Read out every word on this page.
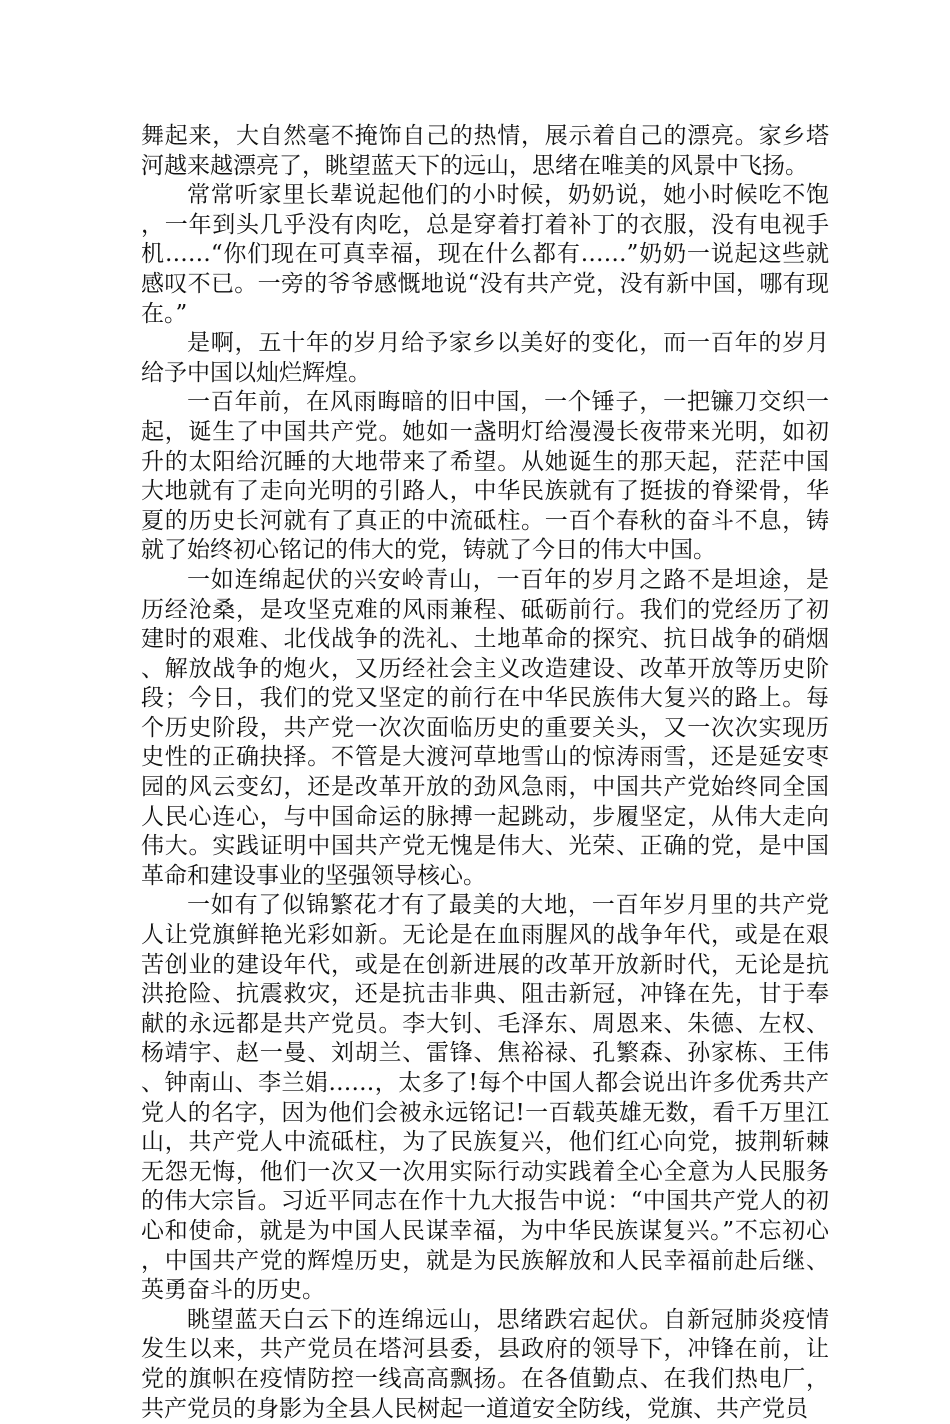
舞起来，大自然毫不掩饰自己的热情，展示着自己的漂亮。家乡塔河越来越漂亮了，眺望蓝天下的远山，思绪在唯美的风景中飞扬。

常常听家里长辈说起他们的小时候，奶奶说，她小时候吃不饱，一年到头几乎没有肉吃，总是穿着打着补丁的衣服，没有电视手机……“你们现在可真幸福，现在什么都有……”奶奶一说起这些就感叹不已。一旁的爷爷感慨地说“没有共产党，没有新中国，哪有现在。”

是啊，五十年的岁月给予家乡以美好的变化，而一百年的岁月给予中国以灿烂辉煌。

一百年前，在风雨晦暗的旧中国，一个锤子，一把镰刀交织一起，诞生了中国共产党。她如一盏明灯给漫漫长夜带来光明，如初升的太阳给沉睡的大地带来了希望。从她诞生的那天起，茫茫中国大地就有了走向光明的引路人，中华民族就有了挺拔的脊梁骨，华夏的历史长河就有了真正的中流砥柱。一百个春秋的奋斗不息，铸就了始终初心铭记的伟大的党，铸就了今日的伟大中国。

一如连绵起伏的兴安岭青山，一百年的岁月之路不是坦途，是历经沧桑，是攻坚克难的风雨兼程、砥砺前行。我们的党经历了初建时的艰难、北伐战争的洗礼、土地革命的探究、抗日战争的硝烟、解放战争的炮火，又历经社会主义改造建设、改革开放等历史阶段；今日，我们的党又坚定的前行在中华民族伟大复兴的路上。每个历史阶段，共产党一次次面临历史的重要关头，又一次次实现历史性的正确抉择。不管是大渡河草地雪山的惊涛雨雪，还是延安枣园的风云变幻，还是改革开放的劲风急雨，中国共产党始终同全国人民心连心，与中国命运的脉搏一起跳动，步履坚定，从伟大走向伟大。实践证明中国共产党无愧是伟大、光荣、正确的党，是中国革命和建设事业的坚强领导核心。

一如有了似锦繁花才有了最美的大地，一百年岁月里的共产党人让党旗鲜艳光彩如新。无论是在血雨腥风的战争年代，或是在艰苦创业的建设年代，或是在创新进展的改革开放新时代，无论是抗洪抢险、抗震救灾，还是抗击非典、阻击新冠，冲锋在先，甘于奉献的永远都是共产党员。李大钊、毛泽东、周恩来、朱德、左权、杨靖宇、赵一曼、刘胡兰、雷锋、焦裕禄、孔繁森、孙家栋、王伟、钟南山、李兰娟……，太多了!每个中国人都会说出许多优秀共产党人的名字，因为他们会被永远铭记!一百载英雄无数，看千万里江山，共产党人中流砥柱，为了民族复兴，他们红心向党，披荆斩棘无怨无悔，他们一次又一次用实际行动实践着全心全意为人民服务的伟大宗旨。习近平同志在作十九大报告中说：“中国共产党人的初心和使命，就是为中国人民谋幸福，为中华民族谋复兴。”不忘初心，中国共产党的辉煌历史，就是为民族解放和人民幸福前赴后继、英勇奋斗的历史。

眺望蓝天白云下的连绵远山，思绪跌宕起伏。自新冠肺炎疫情发生以来，共产党员在塔河县委，县政府的领导下，冲锋在前，让党的旗帜在疫情防控一线高高飘扬。在各值勤点、在我们热电厂，共产党员的身影为全县人民树起一道道安全防线，党旗、共产党员
